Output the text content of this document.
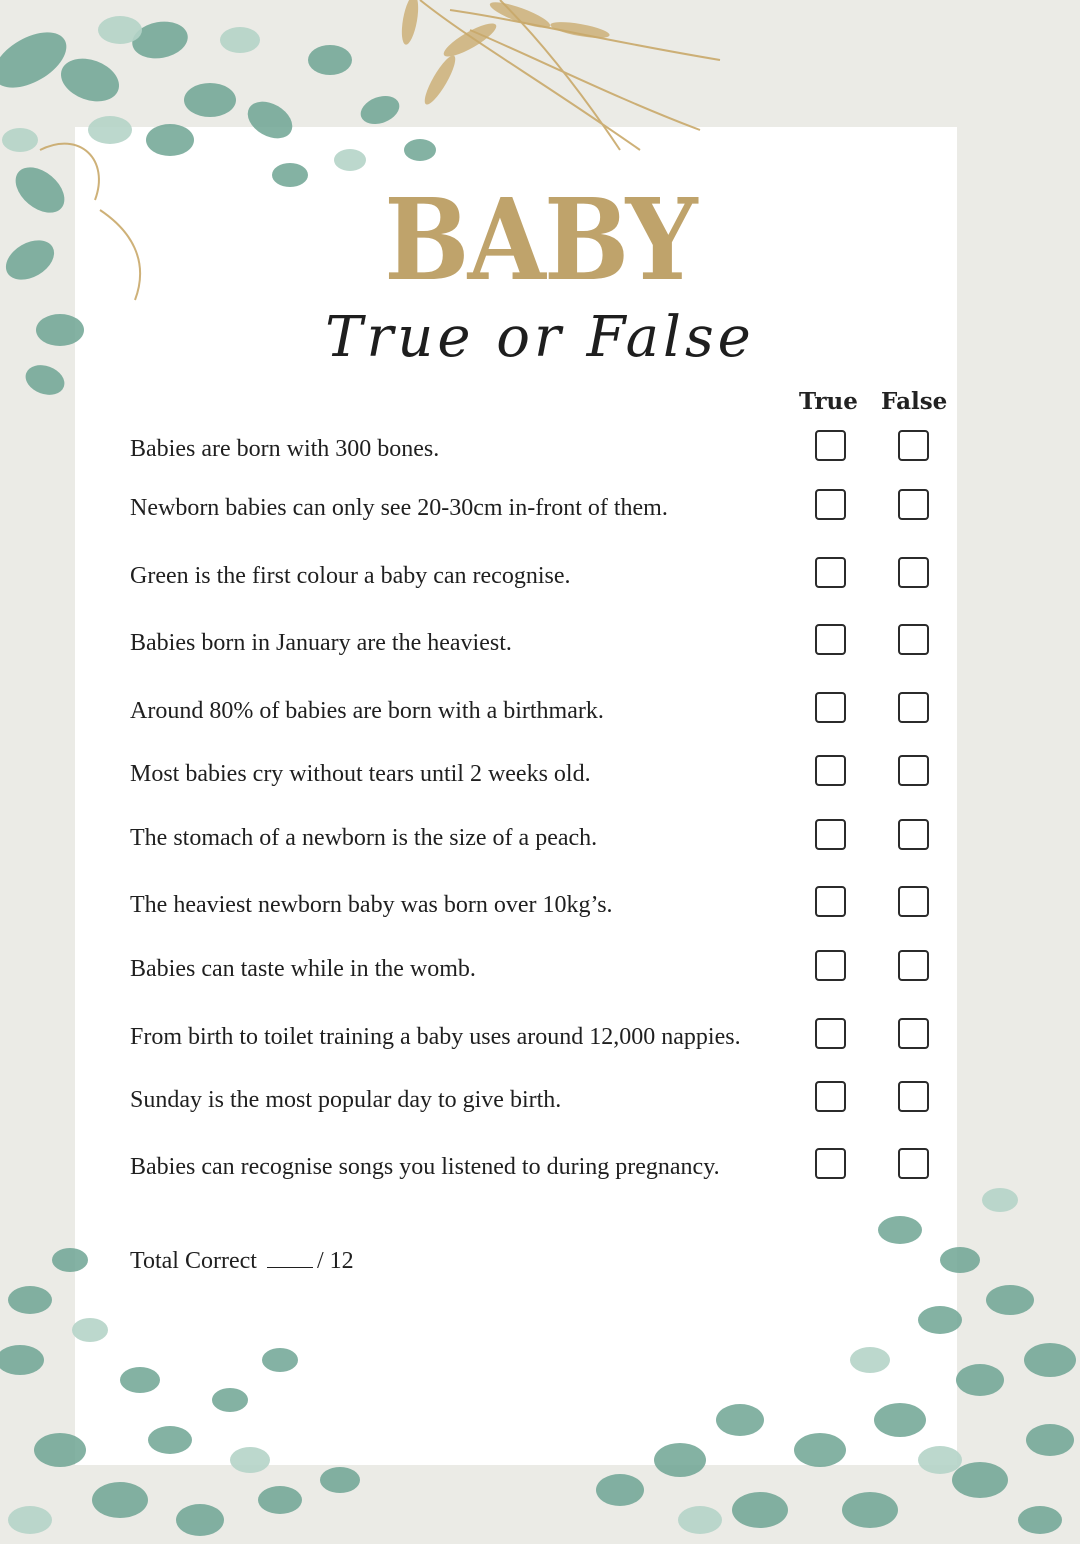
BABY
True or False
True False
Babies are born with 300 bones.
Newborn babies can only see 20-30cm in-front of them.
Green is the first colour a baby can recognise.
Babies born in January are the heaviest.
Around 80% of babies are born with a birthmark.
Most babies cry without tears until 2 weeks old.
The stomach of a newborn is the size of a peach.
The heaviest newborn baby was born over 10kg’s.
Babies can taste while in the womb.
From birth to toilet training a baby uses around 12,000 nappies.
Sunday is the most popular day to give birth.
Babies can recognise songs you listened to during pregnancy.
Total Correct	/ 12
